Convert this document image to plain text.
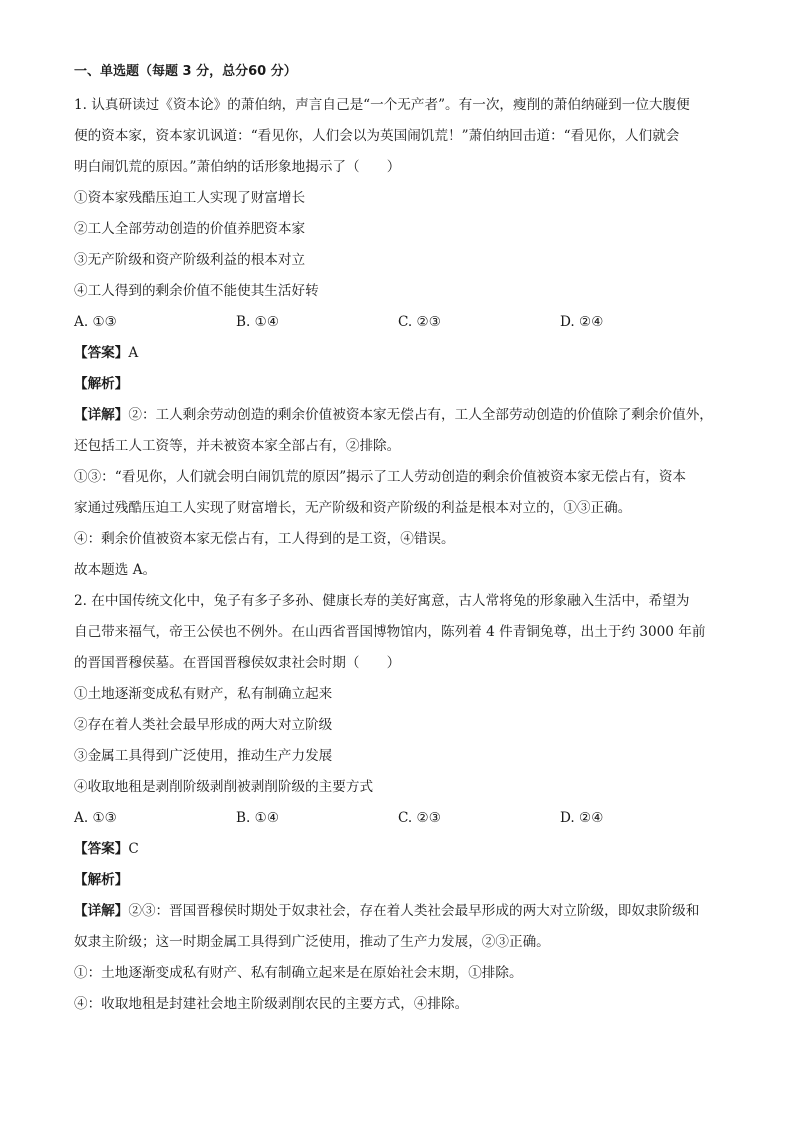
一、单选题（每题 3 分，总分60 分）
1. 认真研读过《资本论》的萧伯纳，声言自己是“一个无产者”。有一次，瘦削的萧伯纳碰到一位大腹便
便的资本家，资本家讥讽道：“看见你，人们会以为英国闹饥荒！”萧伯纳回击道：“看见你，人们就会
明白闹饥荒的原因。”萧伯纳的话形象地揭示了（　　）
①资本家残酷压迫工人实现了财富增长
②工人全部劳动创造的价值养肥资本家
③无产阶级和资产阶级利益的根本对立
④工人得到的剩余价值不能使其生活好转
A. ①③	B. ①④	C. ②③	D. ②④
【答案】A
【解析】
【详解】②：工人剩余劳动创造的剩余价值被资本家无偿占有，工人全部劳动创造的价值除了剩余价值外，
还包括工人工资等，并未被资本家全部占有，②排除。
①③：“看见你，人们就会明白闹饥荒的原因”揭示了工人劳动创造的剩余价值被资本家无偿占有，资本
家通过残酷压迫工人实现了财富增长，无产阶级和资产阶级的利益是根本对立的，①③正确。
④：剩余价值被资本家无偿占有，工人得到的是工资，④错误。
故本题选 A。
2. 在中国传统文化中，兔子有多子多孙、健康长寿的美好寓意，古人常将兔的形象融入生活中，希望为
自己带来福气，帝王公侯也不例外。在山西省晋国博物馆内，陈列着 4 件青铜兔尊，出土于约 3000 年前
的晋国晋穆侯墓。在晋国晋穆侯奴隶社会时期（　　）
①土地逐渐变成私有财产，私有制确立起来
②存在着人类社会最早形成的两大对立阶级
③金属工具得到广泛使用，推动生产力发展
④收取地租是剥削阶级剥削被剥削阶级的主要方式
A. ①③	B. ①④	C. ②③	D. ②④
【答案】C
【解析】
【详解】②③：晋国晋穆侯时期处于奴隶社会，存在着人类社会最早形成的两大对立阶级，即奴隶阶级和
奴隶主阶级；这一时期金属工具得到广泛使用，推动了生产力发展，②③正确。
①：土地逐渐变成私有财产、私有制确立起来是在原始社会末期，①排除。
④：收取地租是封建社会地主阶级剥削农民的主要方式，④排除。
